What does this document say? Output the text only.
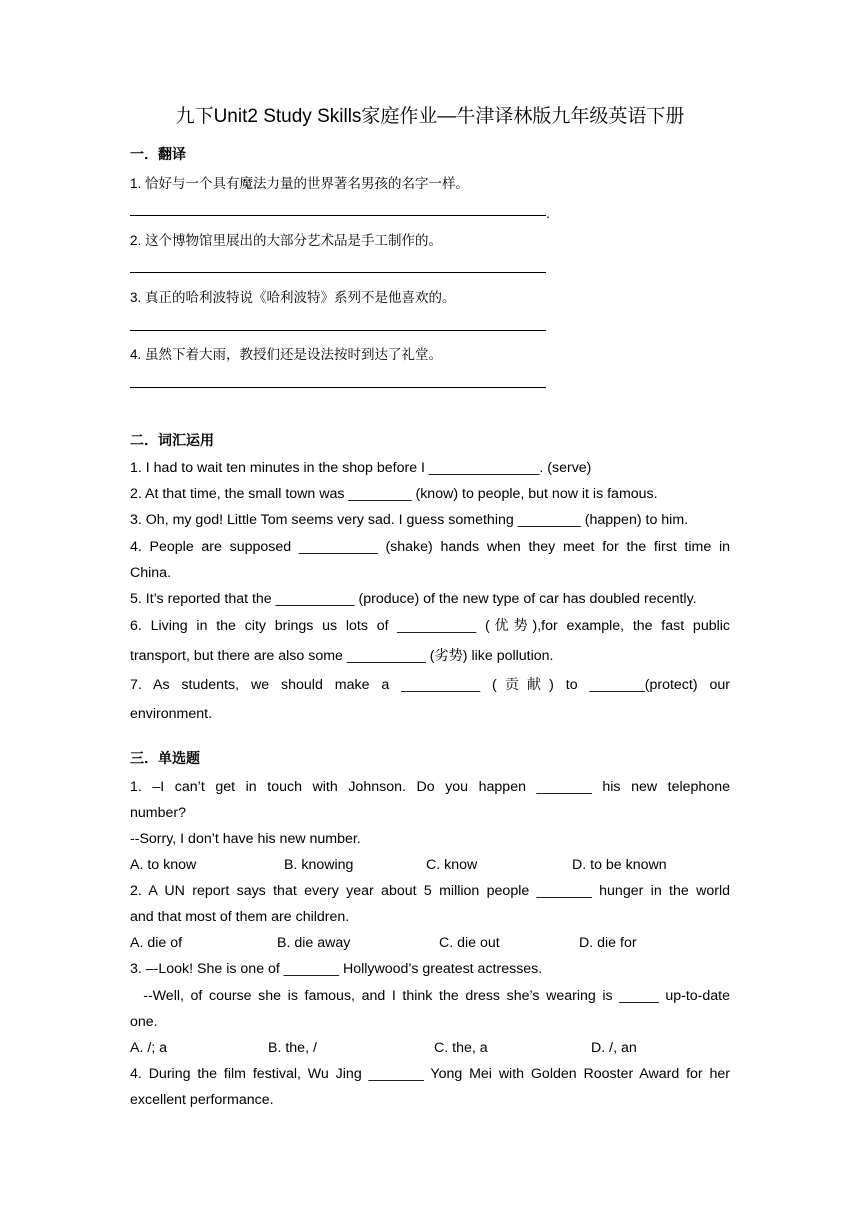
九下Unit2 Study Skills家庭作业—牛津译林版九年级英语下册
一．翻译
1. 恰好与一个具有魔法力量的世界著名男孩的名字一样。
.
2. 这个博物馆里展出的大部分艺术品是手工制作的。
3. 真正的哈利波特说《哈利波特》系列不是他喜欢的。
4. 虽然下着大雨，教授们还是设法按时到达了礼堂。
二．词汇运用
1. I had to wait ten minutes in the shop before I ______________. (serve)
2. At that time, the small town was ________ (know) to people, but now it is famous.
3. Oh, my god! Little Tom seems very sad. I guess something ________ (happen) to him.
4. People are supposed __________ (shake) hands when they meet for the first time in
China.
5. It’s reported that the __________ (produce) of the new type of car has doubled recently.
6. Living in the city brings us lots of __________ (优势),for example, the fast public
transport, but there are also some __________ (劣势) like pollution.
7. As students, we should make a __________ (贡献) to _______(protect) our
environment.
三．单选题
1. –I can’t get in touch with Johnson. Do you happen _______ his new telephone
number?
--Sorry, I don’t have his new number.
A. to know	B. knowing	C. know	D. to be known
2. A UN report says that every year about 5 million people _______ hunger in the world
and that most of them are children.
A. die of	B. die away	C. die out	D. die for
3. –-Look! She is one of _______ Hollywood’s greatest actresses.
--Well, of course she is famous, and I think the dress she’s wearing is _____ up-to-date
one.
A. /; a	B. the, /	C. the, a	D. /, an
4. During the film festival, Wu Jing _______ Yong Mei with Golden Rooster Award for her
excellent performance.
